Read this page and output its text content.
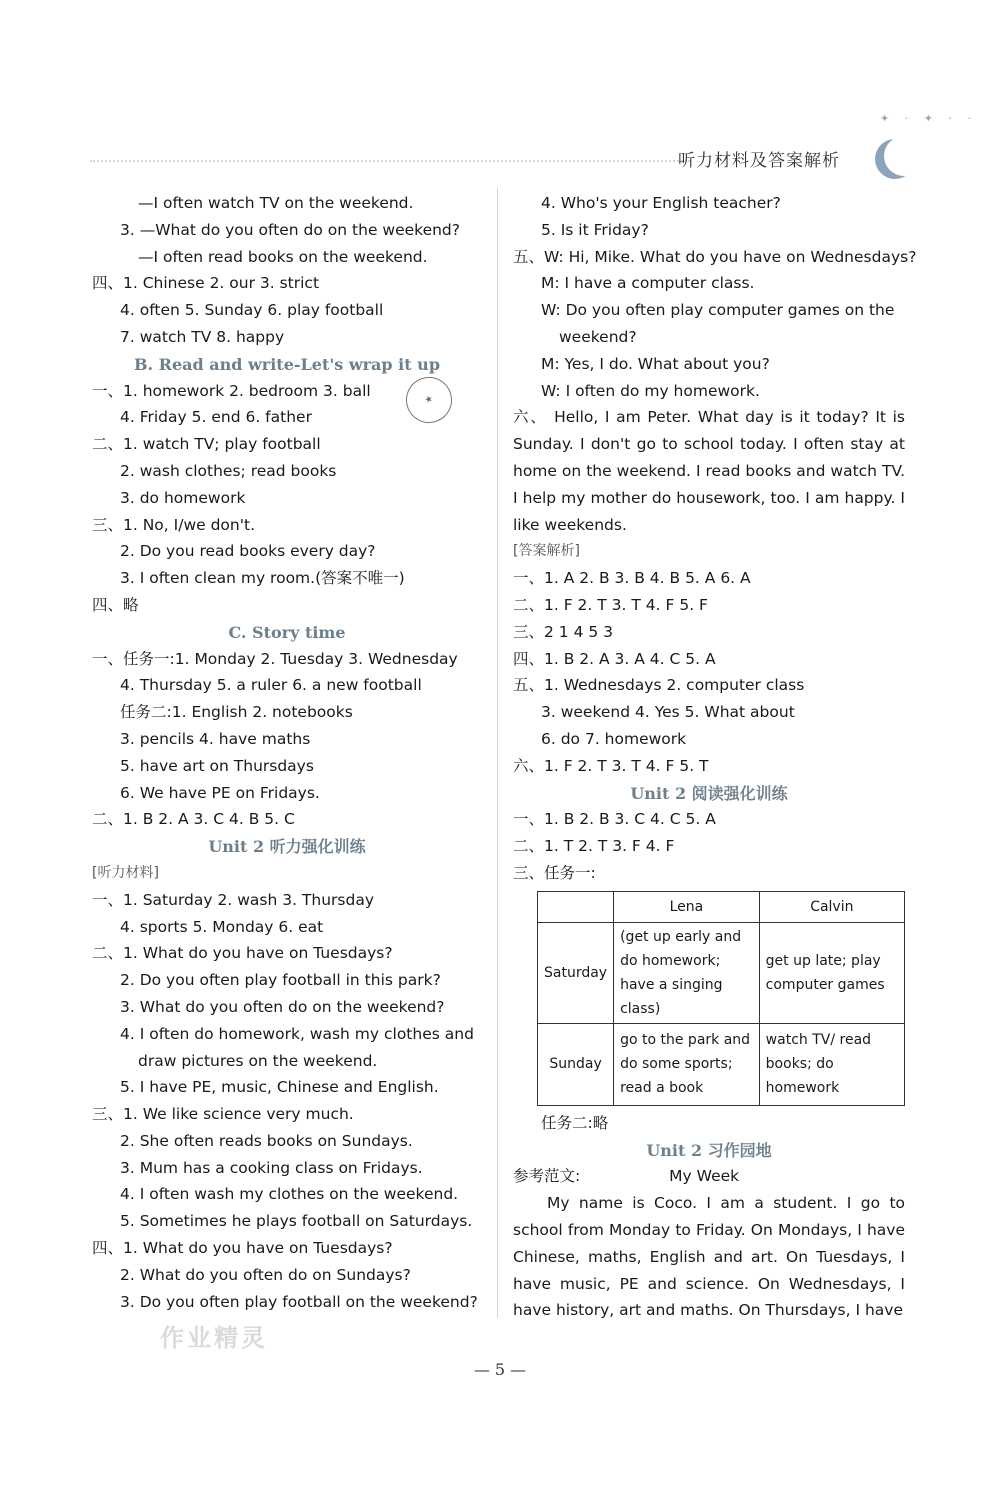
✦ · ✦ · ·
听力材料及答案解析
—I often watch TV on the weekend.
3. —What do you often do on the weekend?
—I often read books on the weekend.
四、1. Chinese 2. our 3. strict
4. often 5. Sunday 6. play football
7. watch TV 8. happy
B. Read and write-Let's wrap it up
一、1. homework 2. bedroom 3. ball
4. Friday 5. end 6. father
二、1. watch TV; play football
2. wash clothes; read books
3. do homework
三、1. No, I/we don't.
2. Do you read books every day?
3. I often clean my room.(答案不唯一)
四、略
C. Story time
一、任务一:1. Monday 2. Tuesday 3. Wednesday
4. Thursday 5. a ruler 6. a new football
任务二:1. English 2. notebooks
3. pencils 4. have maths
5. have art on Thursdays
6. We have PE on Fridays.
二、1. B 2. A 3. C 4. B 5. C
Unit 2 听力强化训练
[听力材料]
一、1. Saturday 2. wash 3. Thursday
4. sports 5. Monday 6. eat
二、1. What do you have on Tuesdays?
2. Do you often play football in this park?
3. What do you often do on the weekend?
4. I often do homework, wash my clothes and
draw pictures on the weekend.
5. I have PE, music, Chinese and English.
三、1. We like science very much.
2. She often reads books on Sundays.
3. Mum has a cooking class on Fridays.
4. I often wash my clothes on the weekend.
5. Sometimes he plays football on Saturdays.
四、1. What do you have on Tuesdays?
2. What do you often do on Sundays?
3. Do you often play football on the weekend?
4. Who's your English teacher?
5. Is it Friday?
五、W: Hi, Mike. What do you have on Wednesdays?
M: I have a computer class.
W: Do you often play computer games on the
weekend?
M: Yes, I do. What about you?
W: I often do my homework.
六、 Hello, I am Peter. What day is it today? It is Sunday. I don't go to school today. I often stay at home on the weekend. I read books and watch TV. I help my mother do housework, too. I am happy. I like weekends.
[答案解析]
一、1. A 2. B 3. B 4. B 5. A 6. A
二、1. F 2. T 3. T 4. F 5. F
三、2 1 4 5 3
四、1. B 2. A 3. A 4. C 5. A
五、1. Wednesdays 2. computer class
3. weekend 4. Yes 5. What about
6. do 7. homework
六、1. F 2. T 3. T 4. F 5. T
Unit 2 阅读强化训练
一、1. B 2. B 3. C 4. C 5. A
二、1. T 2. T 3. F 4. F
三、任务一:
	Lena	Calvin
Saturday	(get up early and do homework; have a singing class)	get up late; play computer games
Sunday	go to the park and do some sports; read a book	watch TV/ read books; do homework
任务二:略
Unit 2 习作园地
参考范文:	My Week
My name is Coco. I am a student. I go to school from Monday to Friday. On Mondays, I have Chinese, maths, English and art. On Tuesdays, I have music, PE and science. On Wednesdays, I have history, art and maths. On Thursdays, I have
★
作业精灵
— 5 —
